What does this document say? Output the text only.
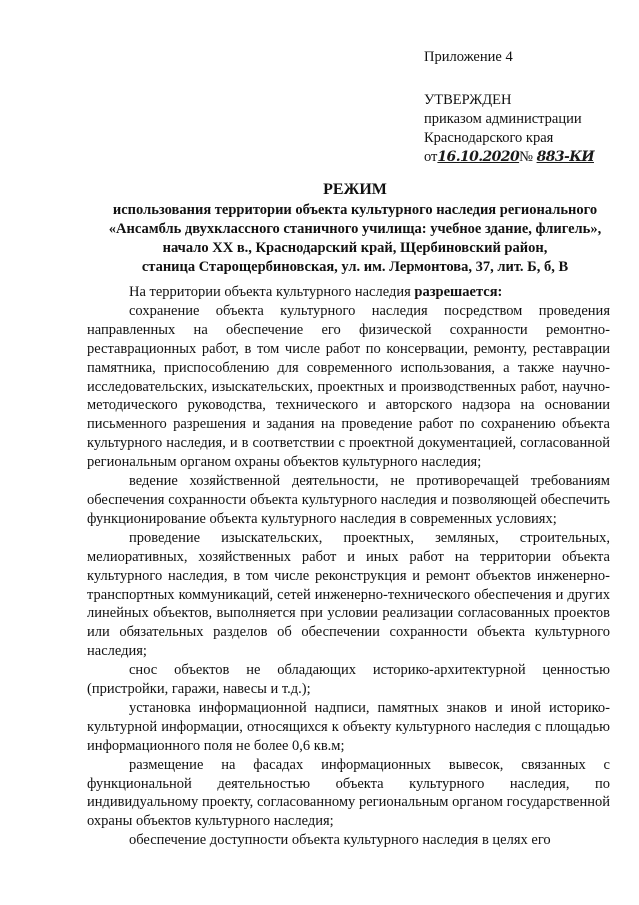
Приложение 4
УТВЕРЖДЕН
приказом администрации
Краснодарского края
от16.10.2020№ 883-КИ
РЕЖИМ
использования территории объекта культурного наследия регионального
«Ансамбль двухклассного станичного училища: учебное здание, флигель»,
начало XX в., Краснодарский край, Щербиновский район,
станица Старощербиновская, ул. им. Лермонтова, 37, лит. Б, б, В

На территории объекта культурного наследия разрешается:

сохранение объекта культурного наследия посредством проведения направленных на обеспечение его физической сохранности ремонтно-реставрационных работ, в том числе работ по консервации, ремонту, реставрации памятника, приспособлению для современного использования, а также научно-исследовательских, изыскательских, проектных и производственных работ, научно-методического руководства, технического и авторского надзора на основании письменного разрешения и задания на проведение работ по сохранению объекта культурного наследия, и в соответствии с проектной документацией, согласованной региональным органом охраны объектов культурного наследия;

ведение хозяйственной деятельности, не противоречащей требованиям обеспечения сохранности объекта культурного наследия и позволяющей обеспечить функционирование объекта культурного наследия в современных условиях;

проведение изыскательских, проектных, земляных, строительных, мелиоративных, хозяйственных работ и иных работ на территории объекта культурного наследия, в том числе реконструкция и ремонт объектов инженерно-транспортных коммуникаций, сетей инженерно-технического обеспечения и других линейных объектов, выполняется при условии реализации согласованных проектов или обязательных разделов об обеспечении сохранности объекта культурного наследия;

снос объектов не обладающих историко-архитектурной ценностью (пристройки, гаражи, навесы и т.д.);

установка информационной надписи, памятных знаков и иной историко-культурной информации, относящихся к объекту культурного наследия с площадью информационного поля не более 0,6 кв.м;

размещение на фасадах информационных вывесок, связанных с функциональной деятельностью объекта культурного наследия, по индивидуальному проекту, согласованному региональным органом государственной охраны объектов культурного наследия;

обеспечение доступности объекта культурного наследия в целях его
